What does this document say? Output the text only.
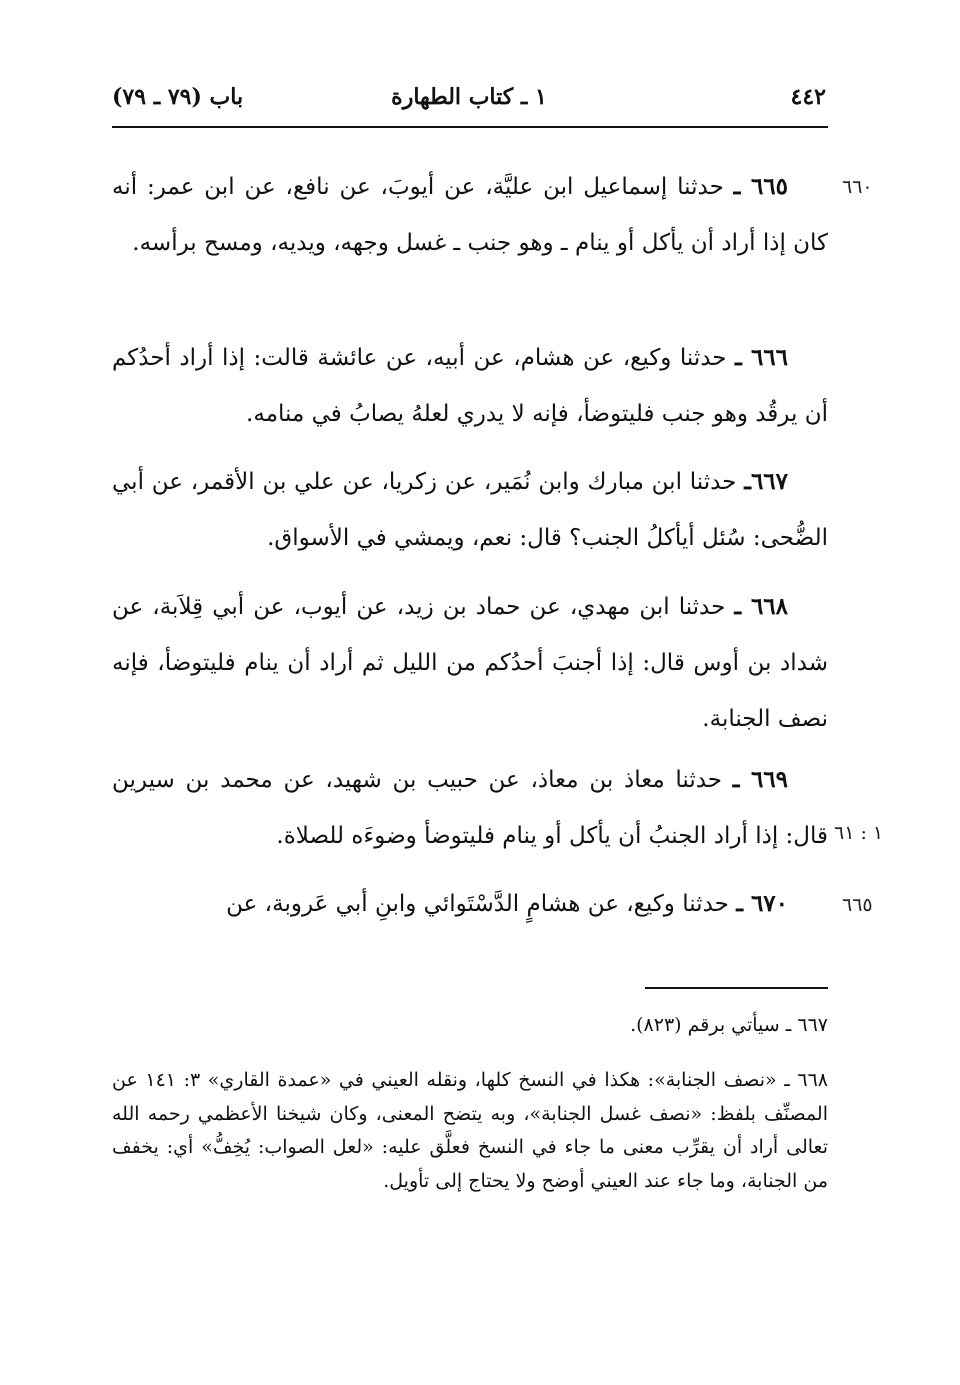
٤٤٢
١ ـ كتاب الطهارة
باب (٧٩ ـ ٧٩)
٦٦٠
١ : ٦١
٦٦٥

٦٦٥ ـ حدثنا إسماعيل ابن عليَّة، عن أيوبَ، عن نافع، عن ابن عمر: أنه كان إذا أراد أن يأكل أو ينام ـ وهو جنب ـ غسل وجهه، ويديه، ومسح برأسه.

٦٦٦ ـ حدثنا وكيع، عن هشام، عن أبيه، عن عائشة قالت: إذا أراد أحدُكم أن يرقُد وهو جنب فليتوضأ، فإنه لا يدري لعلهُ يصابُ في منامه.

٦٦٧ـ حدثنا ابن مبارك وابن نُمَير، عن زكريا، عن علي بن الأقمر، عن أبي الضُّحى: سُئل أيأكلُ الجنب؟ قال: نعم، ويمشي في الأسواق.

٦٦٨ ـ حدثنا ابن مهدي، عن حماد بن زيد، عن أيوب، عن أبي قِلاَبة، عن شداد بن أوس قال: إذا أجنبَ أحدُكم من الليل ثم أراد أن ينام فليتوضأ، فإنه نصف الجنابة.

٦٦٩ ـ حدثنا معاذ بن معاذ، عن حبيب بن شهيد، عن محمد بن سيرين قال: إذا أراد الجنبُ أن يأكل أو ينام فليتوضأ وضوءَه للصلاة.

٦٧٠ ـ حدثنا وكيع، عن هشامٍ الدَّسْتَوائي وابنِ أبي عَروبة، عن

٦٦٧ ـ سيأتي برقم (٨٢٣).

٦٦٨ ـ «نصف الجنابة»: هكذا في النسخ كلها، ونقله العيني في «عمدة القاري» ٣: ١٤١ عن المصنِّف بلفظ: «نصف غسل الجنابة»، وبه يتضح المعنى، وكان شيخنا الأعظمي رحمه الله تعالى أراد أن يقرِّب معنى ما جاء في النسخ فعلَّق عليه: «لعل الصواب: يُخِفُّ» أي: يخفف من الجنابة، وما جاء عند العيني أوضح ولا يحتاج إلى تأويل.
